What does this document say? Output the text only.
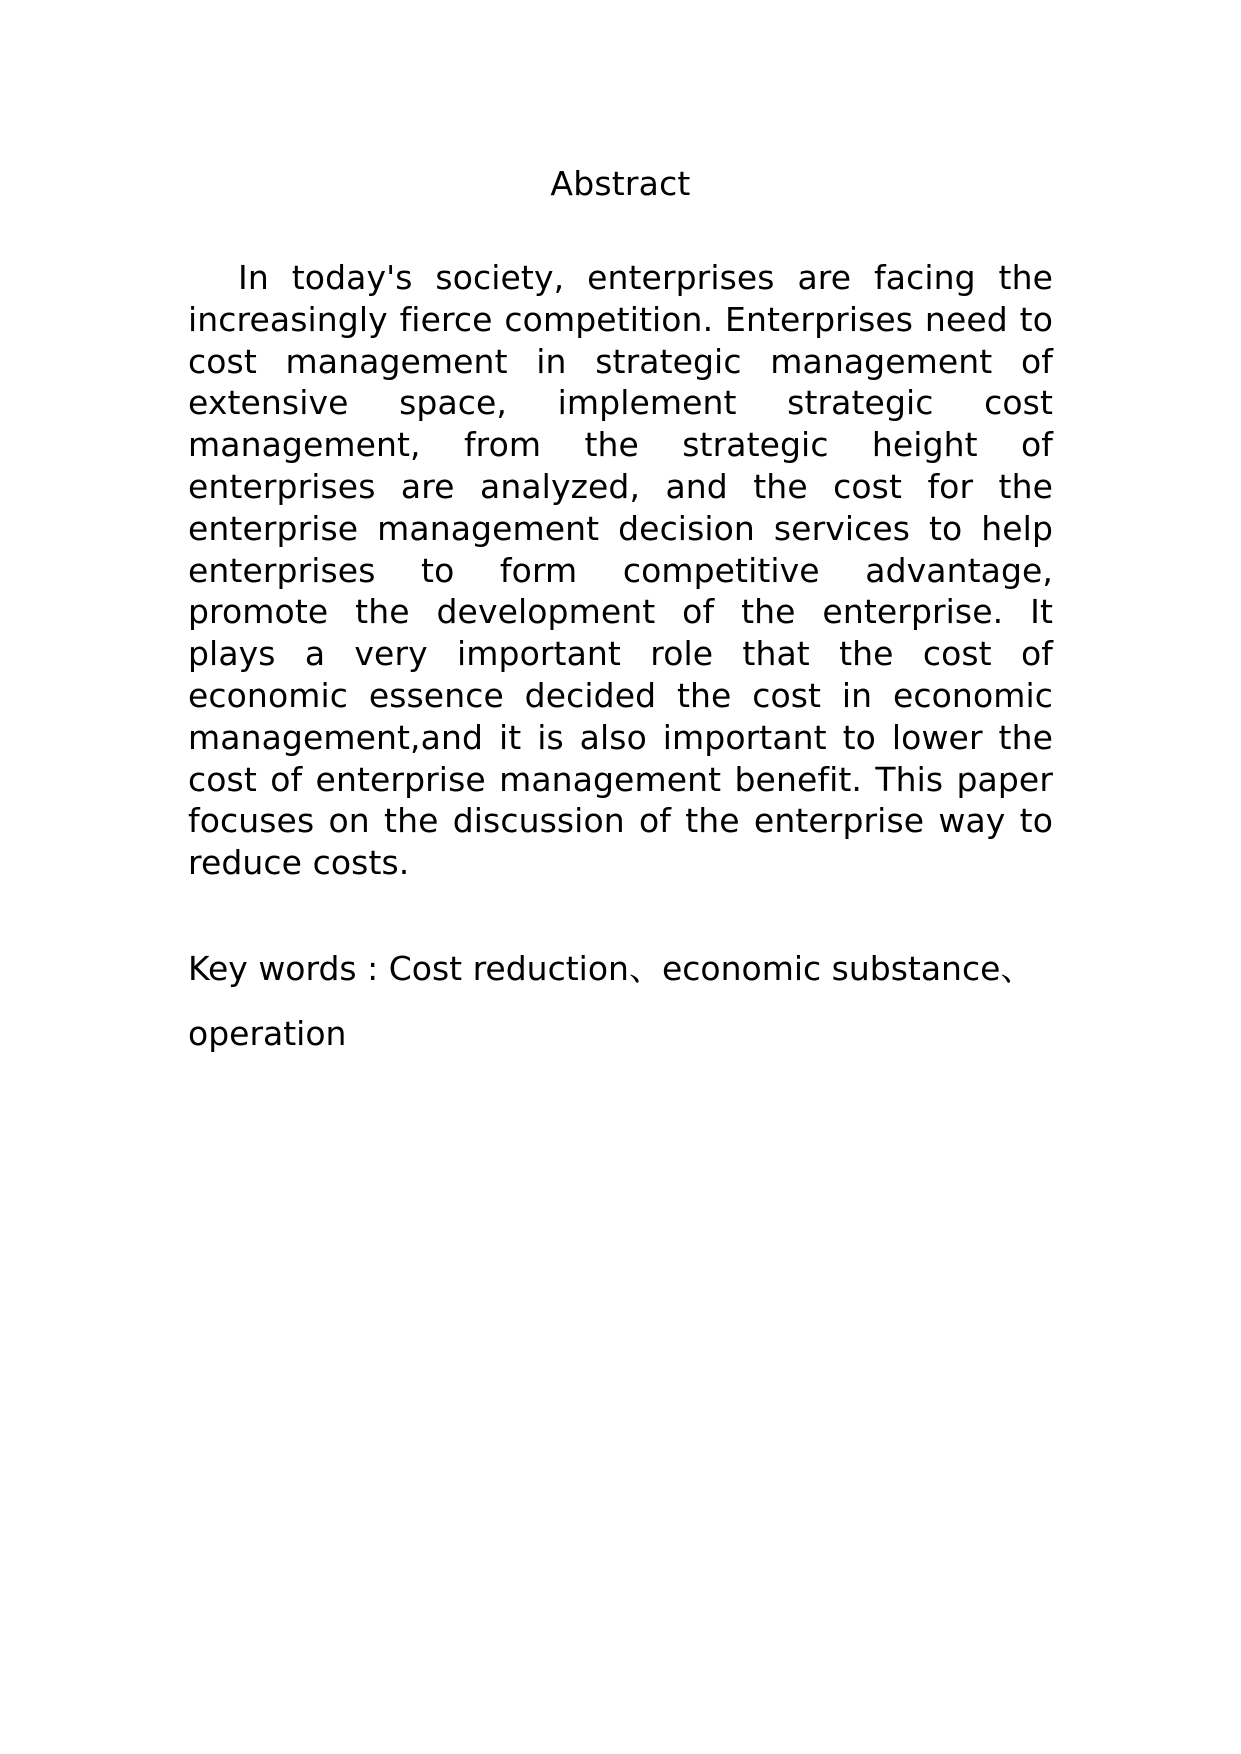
Abstract

In today's society, enterprises are facing the increasingly fierce competition. Enterprises need to cost management in strategic management of extensive space, implement strategic cost management, from the strategic height of enterprises are analyzed, and the cost for the enterprise management decision services to help enterprises to form competitive advantage, promote the development of the enterprise. It plays a very important role that the cost of economic essence decided the cost in economic management,and it is also important to lower the cost of enterprise management benefit. This paper focuses on the discussion of the enterprise way to reduce costs.

Key words : Cost reduction、economic substance、
operation
